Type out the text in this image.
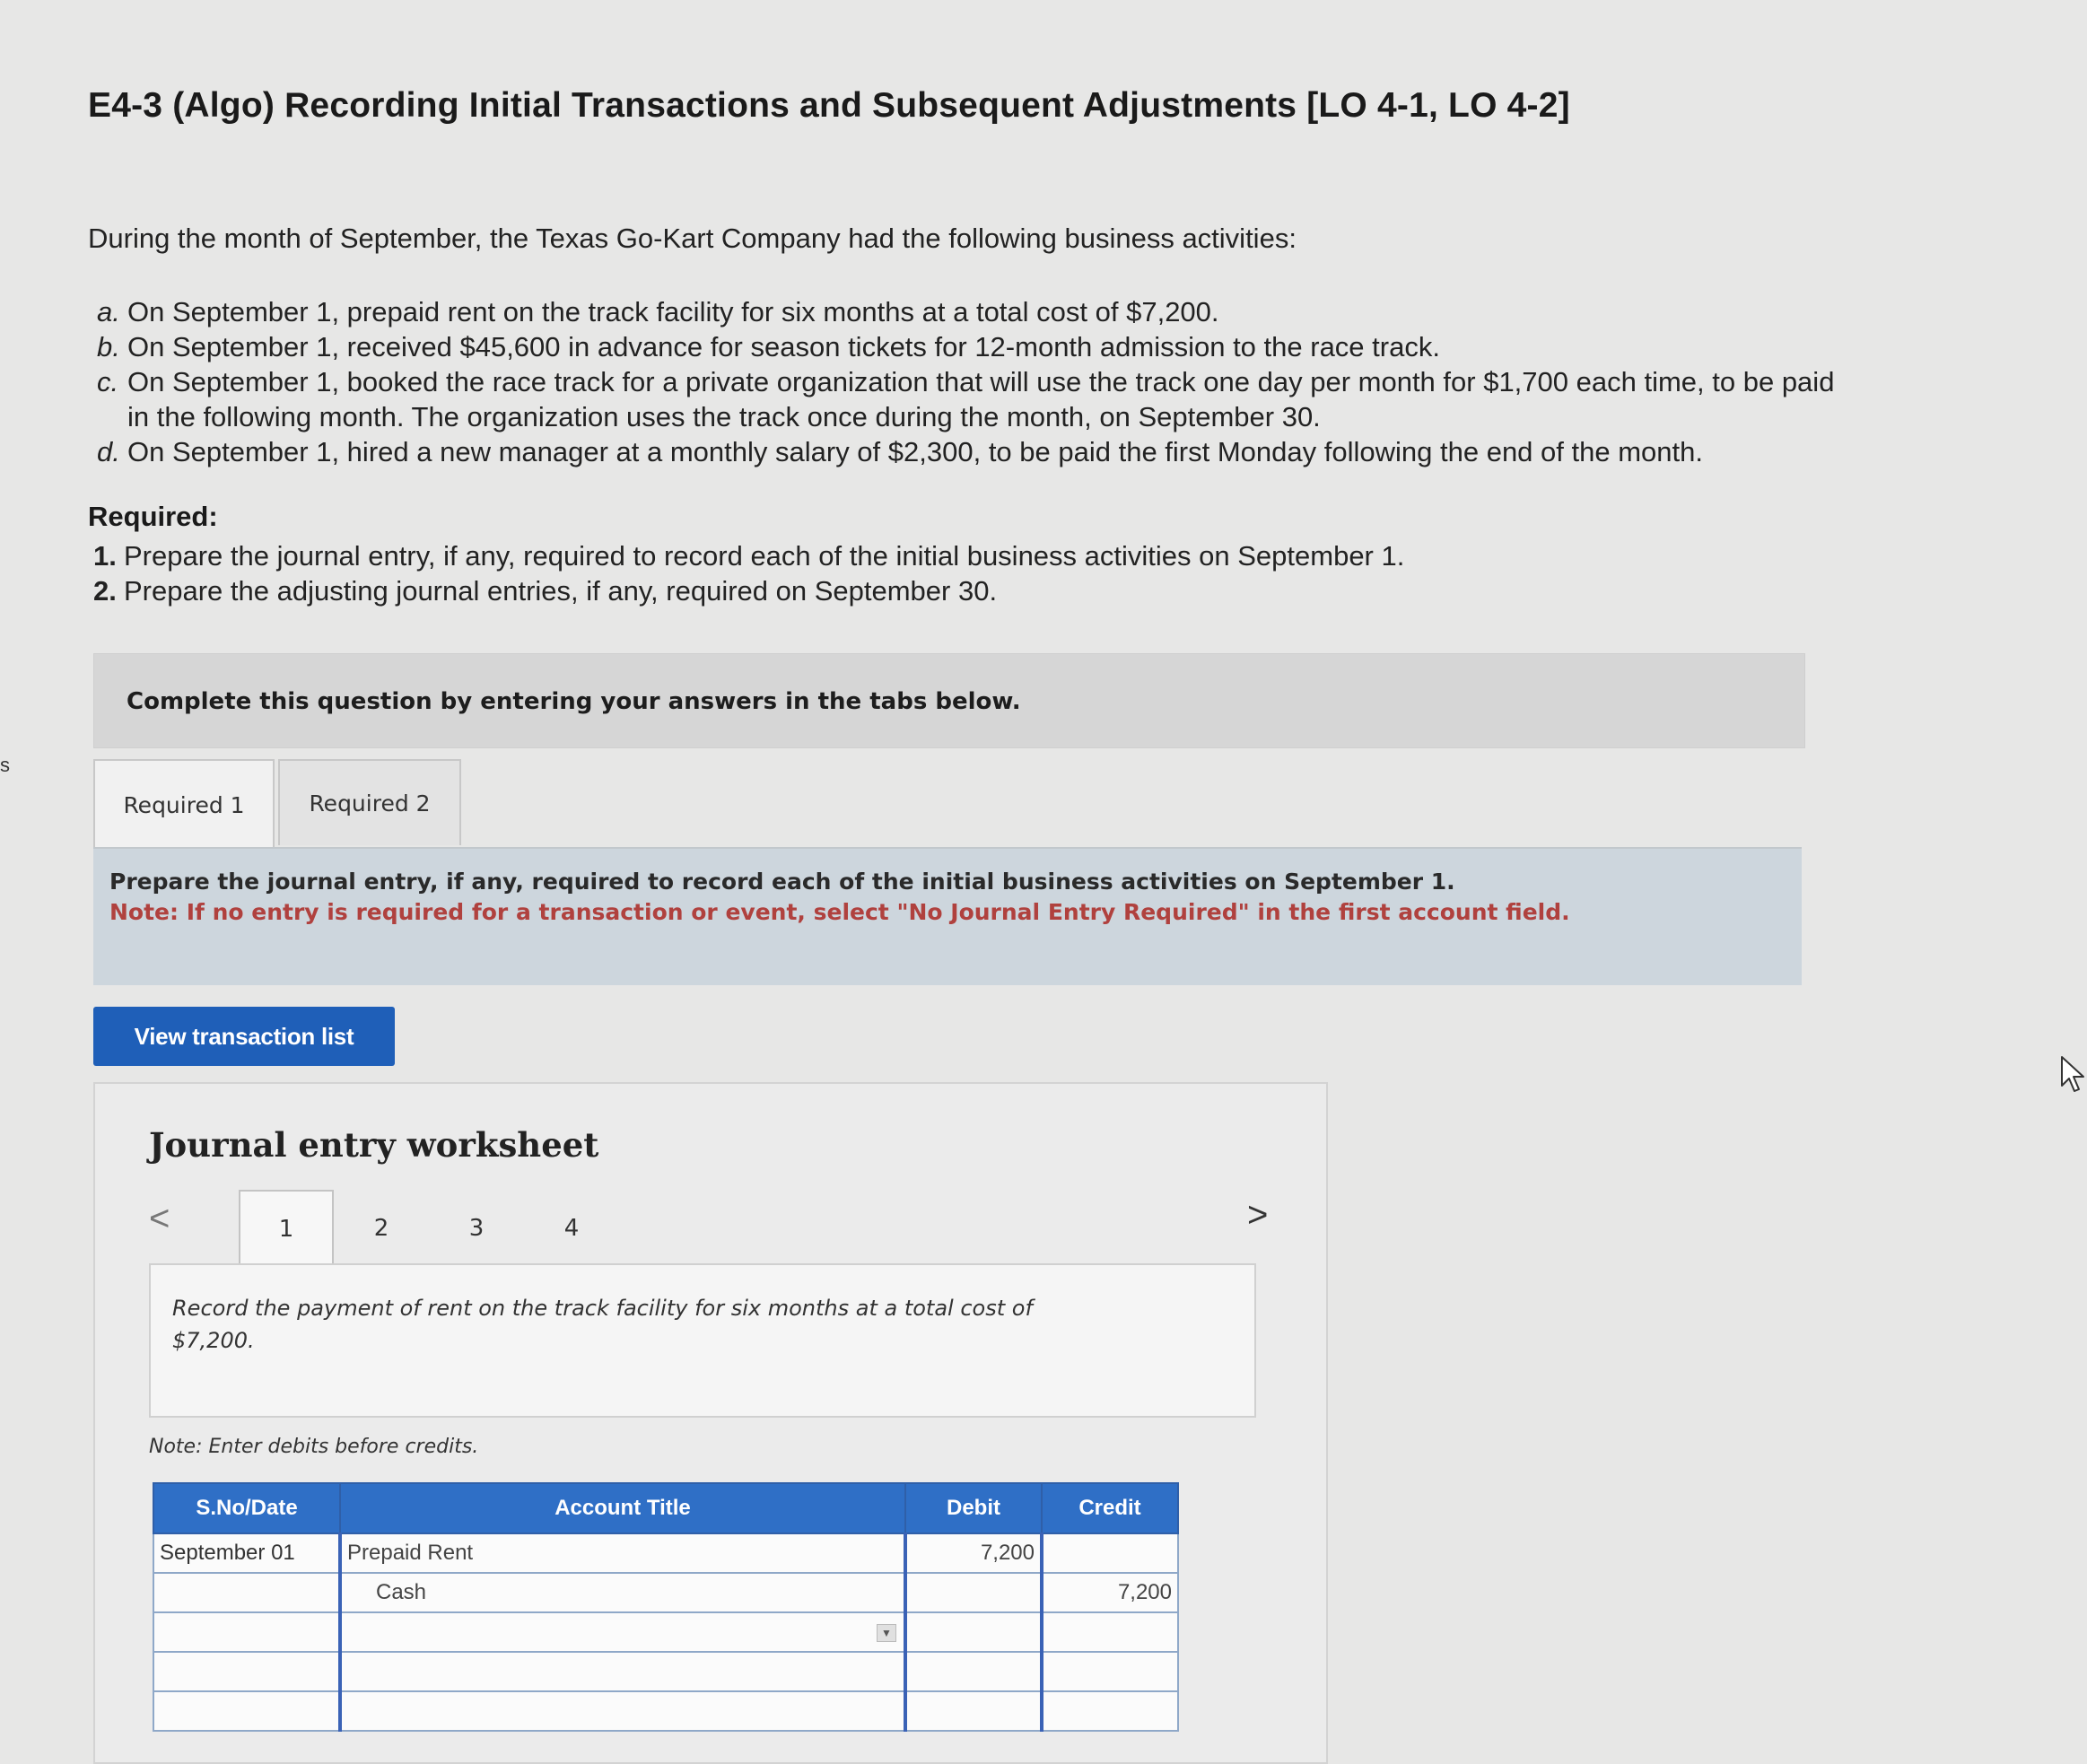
s
E4-3 (Algo) Recording Initial Transactions and Subsequent Adjustments [LO 4-1, LO 4-2]
During the month of September, the Texas Go-Kart Company had the following business activities:
a. On September 1, prepaid rent on the track facility for six months at a total cost of $7,200.
b. On September 1, received $45,600 in advance for season tickets for 12-month admission to the race track.
c. On September 1, booked the race track for a private organization that will use the track one day per month for $1,700 each time, to be paid in the following month. The organization uses the track once during the month, on September 30.
d. On September 1, hired a new manager at a monthly salary of $2,300, to be paid the first Monday following the end of the month.
Required:
1. Prepare the journal entry, if any, required to record each of the initial business activities on September 1.
2. Prepare the adjusting journal entries, if any, required on September 30.
Complete this question by entering your answers in the tabs below.
Required 1	Required 2
Prepare the journal entry, if any, required to record each of the initial business activities on September 1.
Note: If no entry is required for a transaction or event, select "No Journal Entry Required" in the first account field.
View transaction list
Journal entry worksheet
<	1	2	3	4	>
Record the payment of rent on the track facility for six months at a total cost of $7,200.
Note: Enter debits before credits.
S.No/Date	Account Title	Debit	Credit
September 01	Prepaid Rent	7,200	
	Cash		7,200

▼		
